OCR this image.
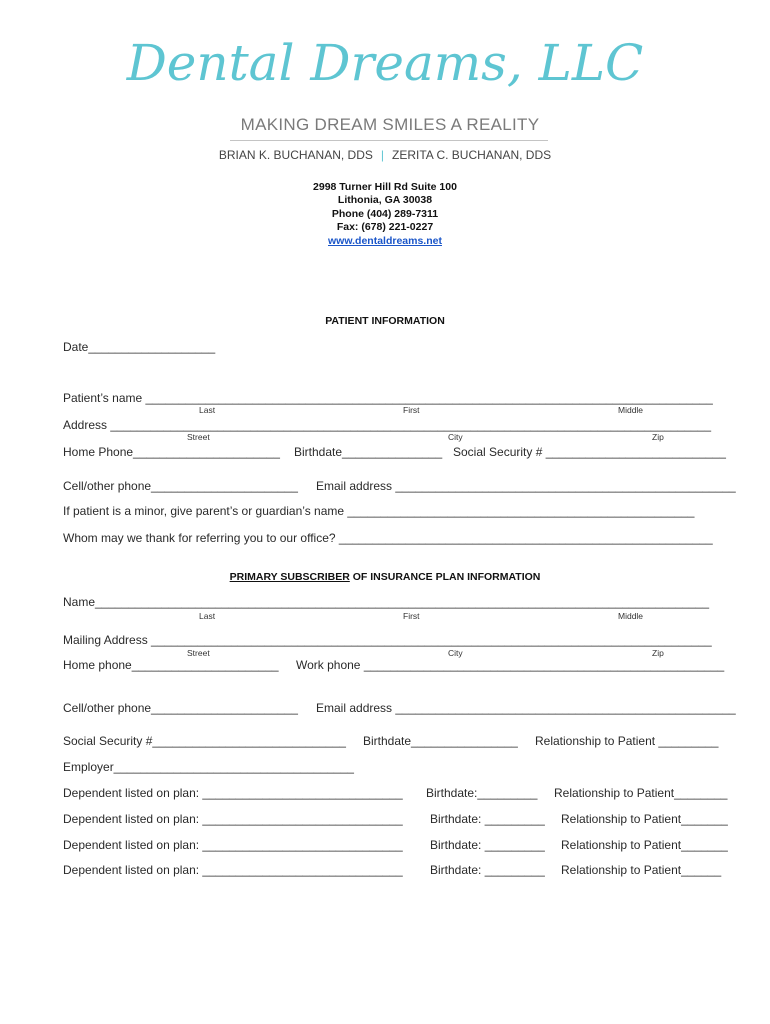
Dental Dreams, LLC
MAKING DREAM SMILES A REALITY
BRIAN K. BUCHANAN, DDS | ZERITA C. BUCHANAN, DDS
2998 Turner Hill Rd Suite 100
Lithonia, GA 30038
Phone (404) 289-7311
Fax: (678) 221-0227
www.dentaldreams.net
PATIENT INFORMATION
Date___________________
Patient’s name _____________________________________________________________________________________
Last	First	Middle
Address __________________________________________________________________________________________
Street	City	Zip
Home Phone______________________ Birthdate_______________ Social Security # ___________________________
Cell/other phone______________________ Email address ___________________________________________________
If patient is a minor, give parent’s or guardian’s name ____________________________________________________
Whom may we thank for referring you to our office? ________________________________________________________
PRIMARY SUBSCRIBER OF INSURANCE PLAN INFORMATION
Name____________________________________________________________________________________________
Last	First	Middle
Mailing Address ____________________________________________________________________________________
Street	City	Zip
Home phone______________________ Work phone ______________________________________________________
Cell/other phone______________________ Email address ___________________________________________________
Social Security #_____________________________ Birthdate________________ Relationship to Patient _________
Employer____________________________________
Dependent listed on plan: ______________________________ Birthdate:_________ Relationship to Patient________
Dependent listed on plan: ______________________________ Birthdate: _________ Relationship to Patient_______
Dependent listed on plan: ______________________________ Birthdate: _________ Relationship to Patient_______
Dependent listed on plan: ______________________________ Birthdate: _________ Relationship to Patient______
